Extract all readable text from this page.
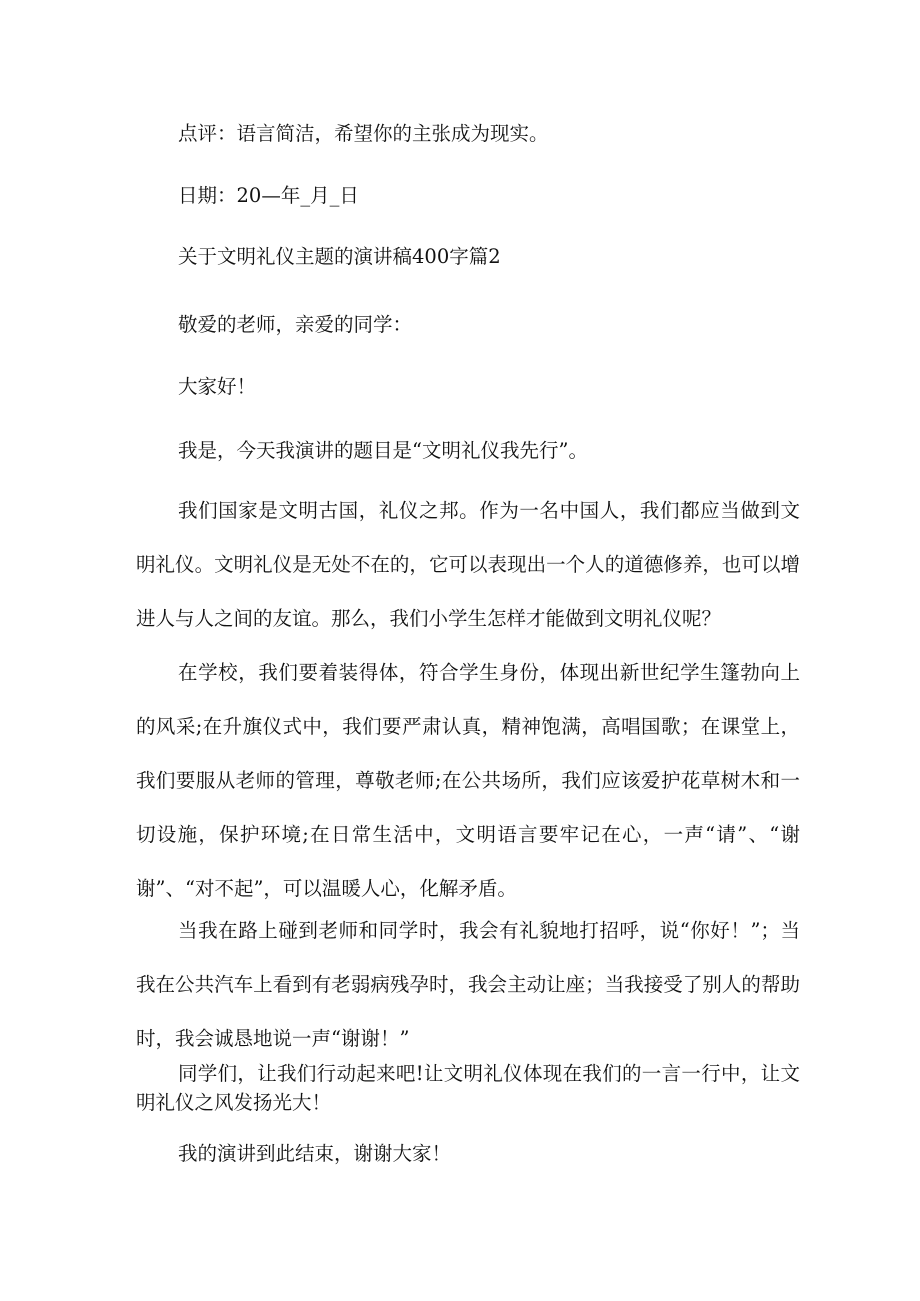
点评：语言简洁，希望你的主张成为现实。
日期：20—年_月_日
关于文明礼仪主题的演讲稿400字篇2
敬爱的老师，亲爱的同学：
大家好！
我是，今天我演讲的题目是“文明礼仪我先行”。

我们国家是文明古国，礼仪之邦。作为一名中国人，我们都应当做到文明礼仪。文明礼仪是无处不在的，它可以表现出一个人的道德修养，也可以增进人与人之间的友谊。那么，我们小学生怎样才能做到文明礼仪呢？

在学校，我们要着装得体，符合学生身份，体现出新世纪学生篷勃向上的风采;在升旗仪式中，我们要严肃认真，精神饱满，高唱国歌；在课堂上，我们要服从老师的管理，尊敬老师;在公共场所，我们应该爱护花草树木和一切设施，保护环境;在日常生活中，文明语言要牢记在心，一声“请”、“谢谢”、“对不起”，可以温暖人心，化解矛盾。

当我在路上碰到老师和同学时，我会有礼貌地打招呼，说“你好！”；当我在公共汽车上看到有老弱病残孕时，我会主动让座；当我接受了别人的帮助时，我会诚恳地说一声“谢谢！”

同学们，让我们行动起来吧!让文明礼仪体现在我们的一言一行中，让文明礼仪之风发扬光大！

我的演讲到此结束，谢谢大家！
